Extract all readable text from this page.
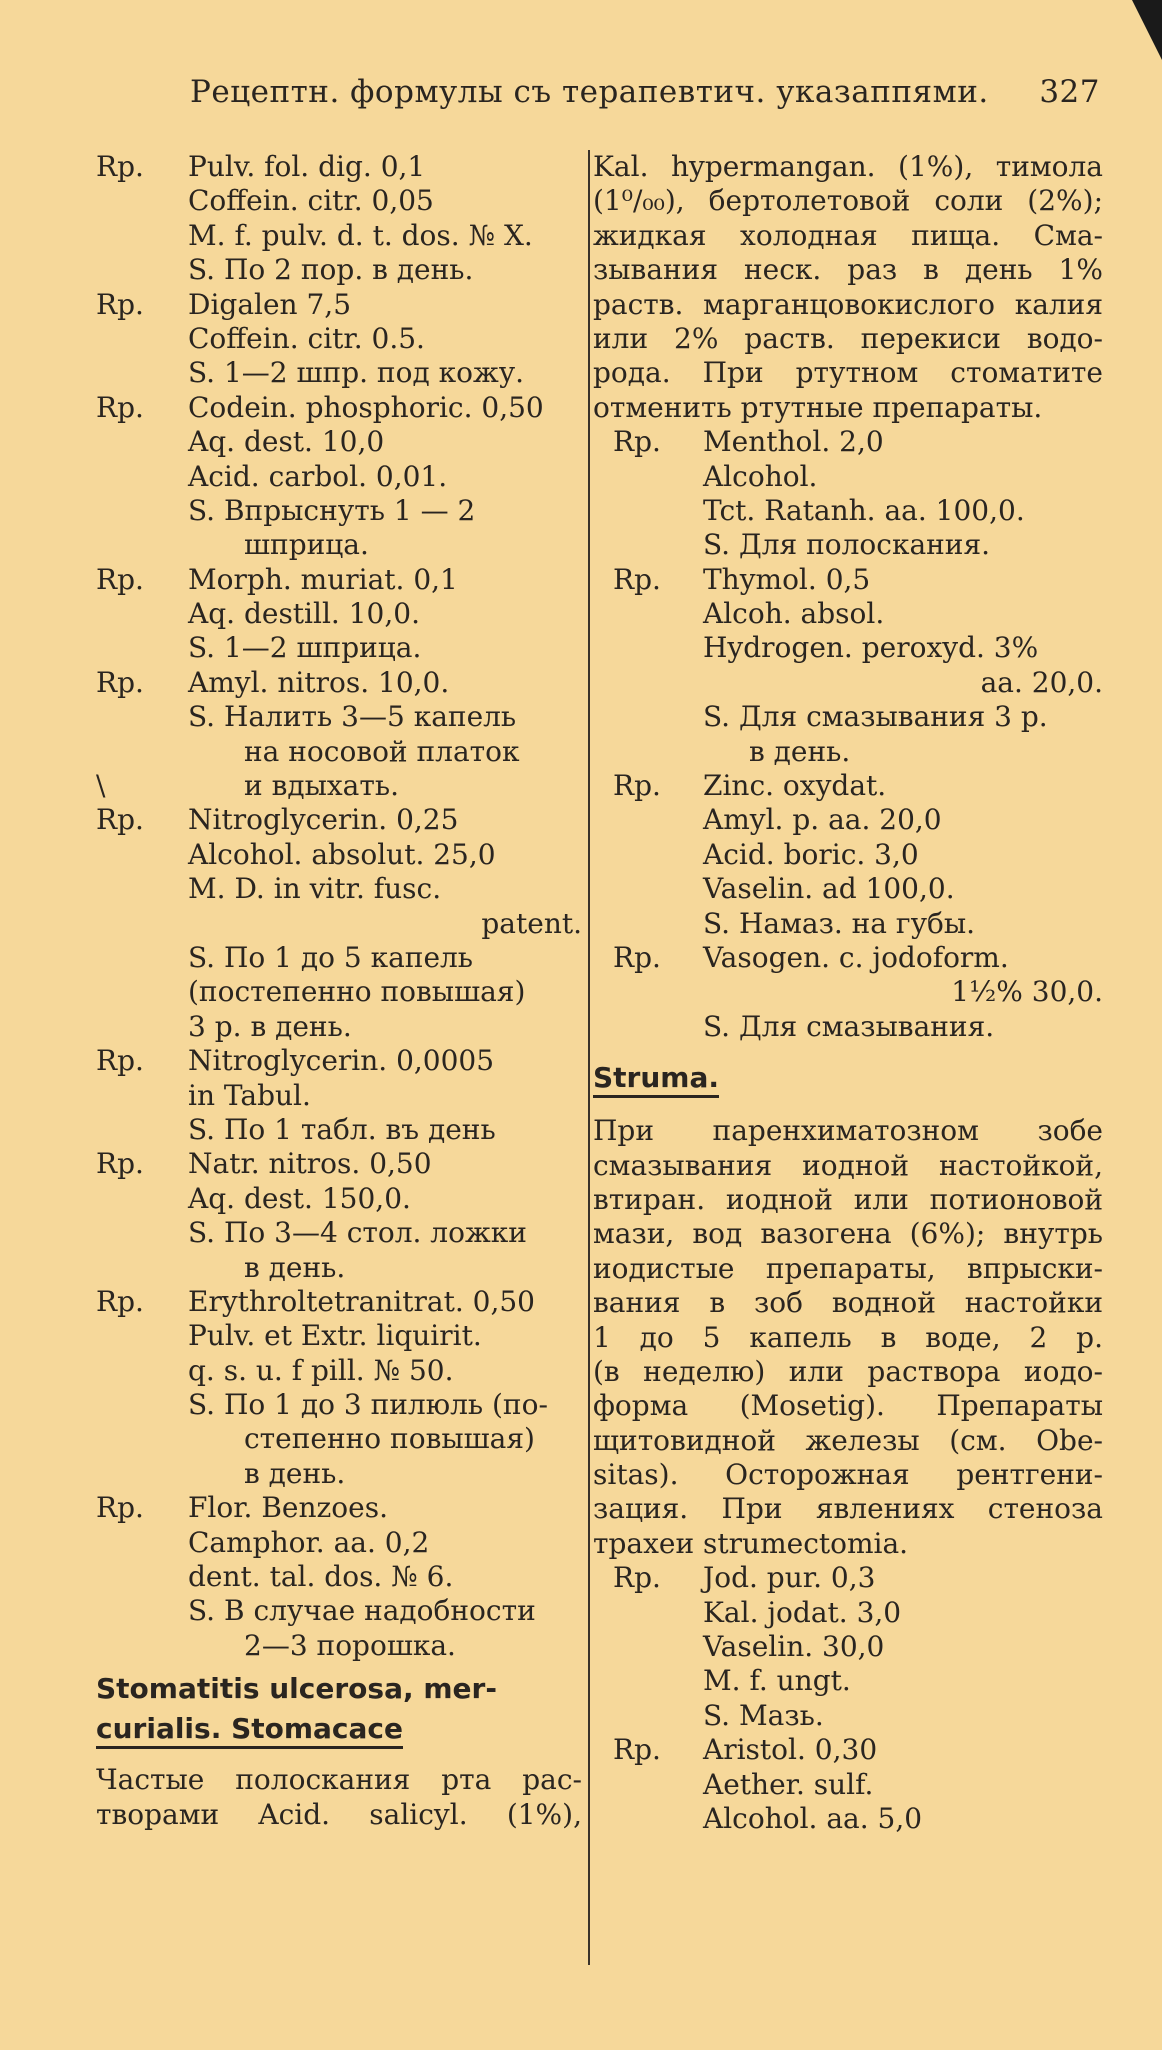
Рецептн. формулы съ терапевтич. указаппями. 327
Rp. Pulv. fol. dig. 0,1
Coffein. citr. 0,05
M. f. pulv. d. t. dos. № X.
S. По 2 пор. в день.
Rp. Digalen 7,5
Coffein. citr. 0.5.
S. 1—2 шпр. под кожу.
Rp. Codein. phosphoric. 0,50
Aq. dest. 10,0
Acid. carbol. 0,01.
S. Впрыснуть 1 — 2
шприца.
Rp. Morph. muriat. 0,1
Aq. destill. 10,0.
S. 1—2 шприца.
Rp. Amyl. nitros. 10,0.
S. Налить 3—5 капель
на носовой платок
\	и вдыхать.
Rp. Nitroglycerin. 0,25
Alcohol. absolut. 25,0
M. D. in vitr. fusc.
patent.
S. По 1 до 5 капель
(постепенно повышая)
3 р. в день.
Rp. Nitroglycerin. 0,0005
in Tabul.
S. По 1 табл. въ день
Rp. Natr. nitros. 0,50
Aq. dest. 150,0.
S. По 3—4 стол. ложки
в день.
Rp. Erythroltetranitrat. 0,50
Pulv. et Extr. liquirit.
q. s. u. f pill. № 50.
S. По 1 до 3 пилюль (по-
степенно повышая)
в день.
Rp. Flor. Benzoes.
Camphor. aa. 0,2
dent. tal. dos. № 6.
S. В случае надобности
2—3 порошка.
Stomatitis ulcerosa, mer-
curialis. Stomacace
Частые полоскания рта рас-
творами Acid. salicyl. (1%),
Kal. hypermangan. (1%), тимола
(1⁰/₀₀), бертолетовой соли (2%);
жидкая холодная пища. Сма-
зывания неск. раз в день 1%
раств. марганцовокислого калия
или 2% раств. перекиси водо-
рода. При ртутном стоматите
отменить ртутные препараты.
Rp. Menthol. 2,0
Alcohol.
Tct. Ratanh. aa. 100,0.
S. Для полоскания.
Rp. Thymol. 0,5
Alcoh. absol.
Hydrogen. peroxyd. 3%
aa. 20,0.
S. Для смазывания 3 р.
в день.
Rp. Zinc. oxydat.
Amyl. p. aa. 20,0
Acid. boric. 3,0
Vaselin. ad 100,0.
S. Намаз. на губы.
Rp. Vasogen. c. jodoform.
1½% 30,0.
S. Для смазывания.
Struma.
При паренхиматозном зобе
смазывания иодной настойкой,
втиран. иодной или потионовой
мази, вод вазогена (6%); внутрь
иодистые препараты, впрыски-
вания в зоб водной настойки
1 до 5 капель в воде, 2 р.
(в неделю) или раствора иодо-
форма (Mosetig). Препараты
щитовидной железы (см. Obe-
sitas). Осторожная рентгени-
зация. При явлениях стеноза
трахеи strumectomia.
Rp. Jod. pur. 0,3
Kal. jodat. 3,0
Vaselin. 30,0
M. f. ungt.
S. Мазь.
Rp. Aristol. 0,30
Aether. sulf.
Alcohol. aa. 5,0
